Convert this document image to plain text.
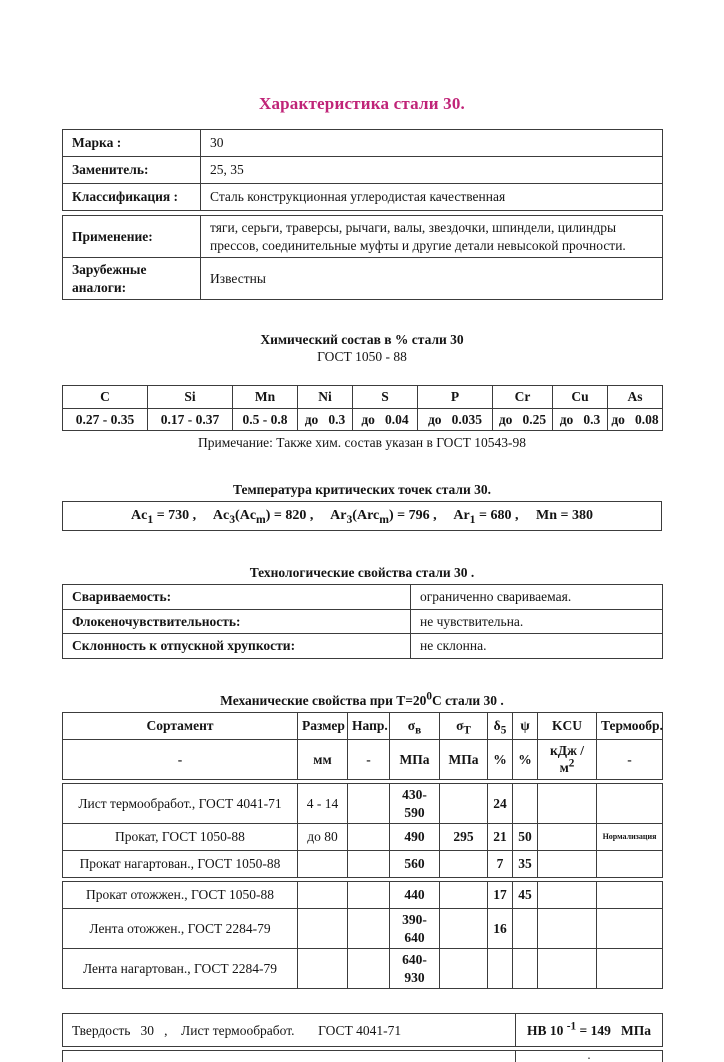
Характеристика стали 30.
Марка :	30
Заменитель:	25, 35
Классификация :	Сталь конструкционная углеродистая качественная
Применение:	тяги, серьги, траверсы, рычаги, валы, звездочки, шпиндели, цилиндры прессов, соединительные муфты и другие детали невысокой прочности.
Зарубежные аналоги:	Известны

Химический состав в % стали 30

ГОСТ 1050 - 88

C	Si	Mn	Ni	S	P	Cr	Cu	As
0.27 - 0.35	0.17 - 0.37	0.5 - 0.8	до   0.3	до   0.04	до   0.035	до   0.25	до   0.3	до   0.08
Примечание: Также хим. состав указан в ГОСТ 10543-98

Температура критических точек стали 30.

$Ac_1 = 730$ ,     $Ac_3(Ac_m) = 820$ ,     $Ar_3(Arc_m) = 796$ ,     $Ar_1 = 680$ ,     Mn = 380

Технологические свойства стали 30 .

Свариваемость:	ограниченно свариваемая.
Флокеночувствительность:	не чувствительна.
Склонность к отпускной хрупкости:	не склонна.

Механические свойства при $Т=20^0С$ стали 30 .

Сортамент	Размер	Напр.	$\sigma_в$	$\sigma_Т$	$\delta_5$	ψ	KCU	Термообр.
-	мм	-	МПа	МПа	%	%	кДж / $м^2$	-
Лист термообработ., ГОСТ 4041-71	4 - 14		430-590		24			
Прокат, ГОСТ 1050-88	до 80		490	295	21	50		Нормализация
Прокат нагартован., ГОСТ 1050-88			560		7	35		
Прокат отожжен., ГОСТ 1050-88			440		17	45		
Лента отожжен., ГОСТ 2284-79			390-640		16			
Лента нагартован., ГОСТ 2284-79			640-930					
Твердость   30   ,    Лист термообработ.       ГОСТ 4041-71	HB 10 $^{-1}$ = 149   МПа
	.
